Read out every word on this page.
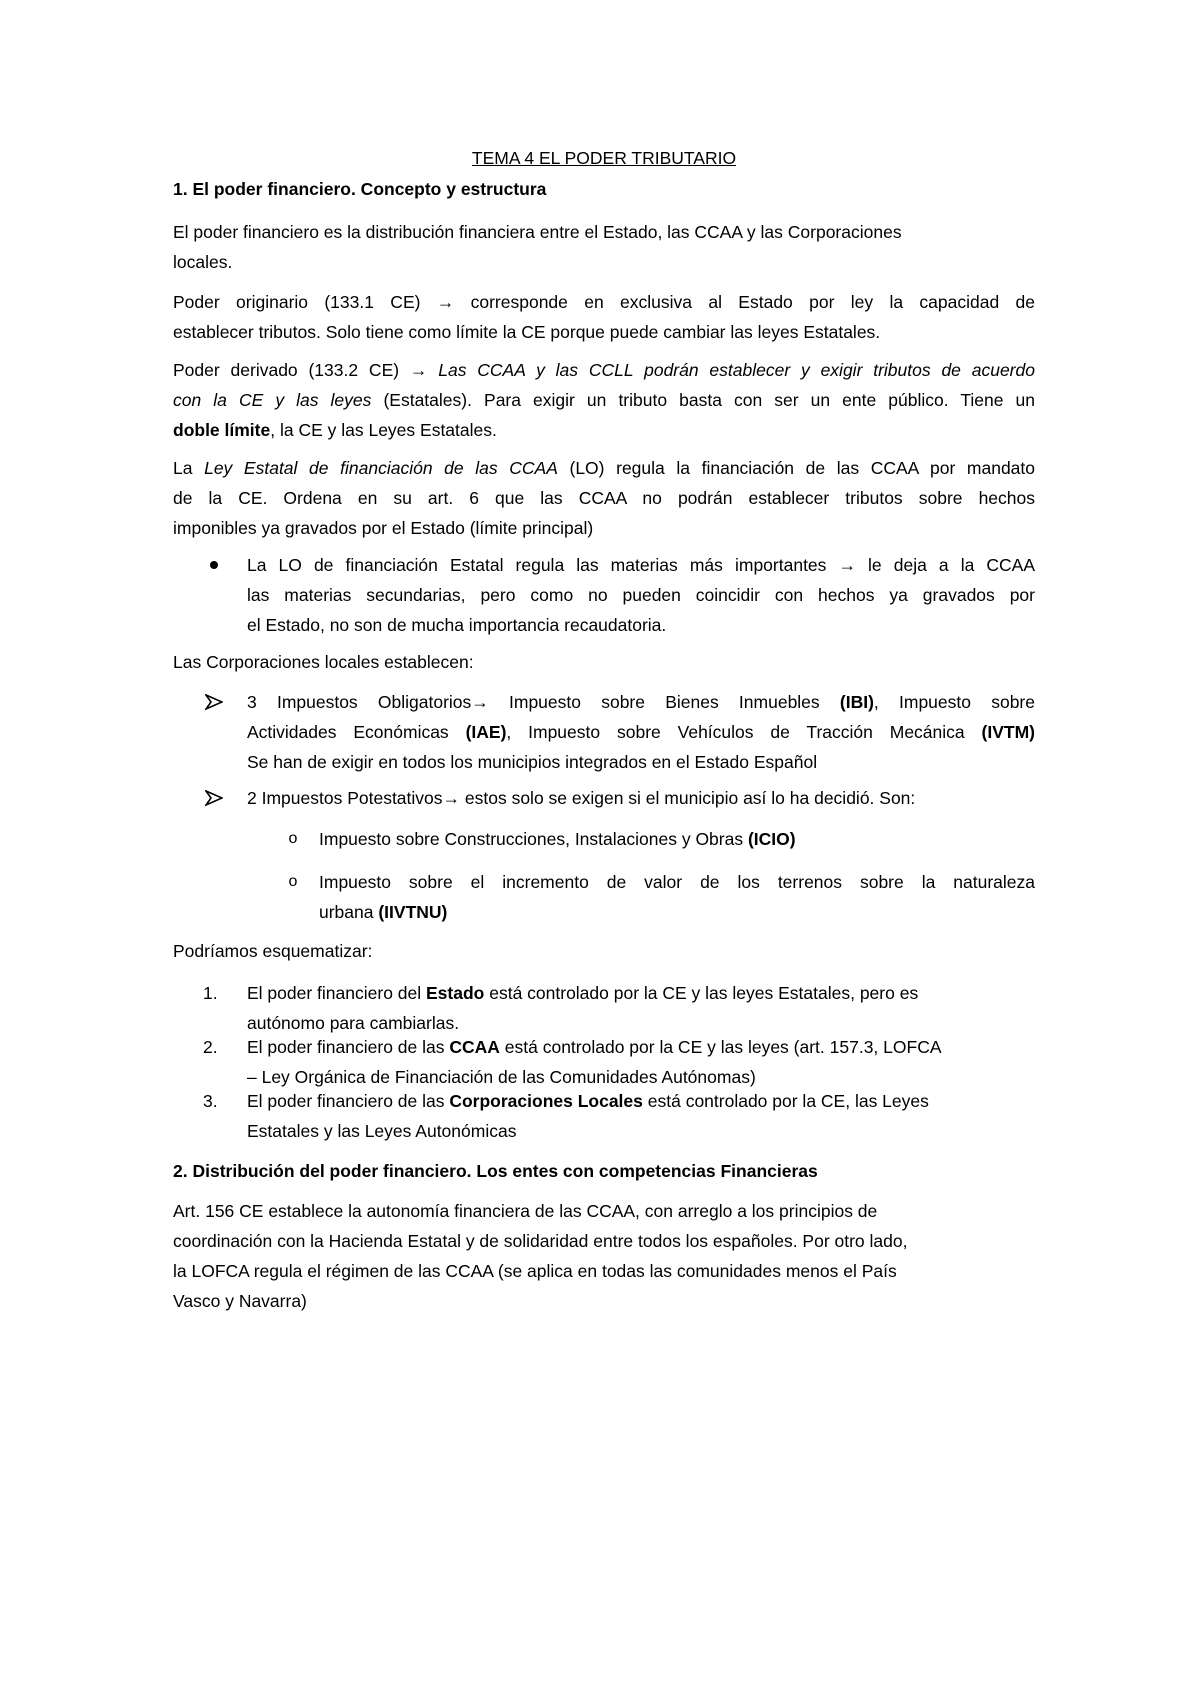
TEMA 4 EL PODER TRIBUTARIO
1. El poder financiero. Concepto y estructura
El poder financiero es la distribución financiera entre el Estado, las CCAA y las Corporaciones
locales.
Poder originario (133.1 CE) → corresponde en exclusiva al Estado por ley la capacidad de
establecer tributos. Solo tiene como límite la CE porque puede cambiar las leyes Estatales.
Poder derivado (133.2 CE) → Las CCAA y las CCLL podrán establecer y exigir tributos de acuerdo
con la CE y las leyes (Estatales). Para exigir un tributo basta con ser un ente público. Tiene un
doble límite, la CE y las Leyes Estatales.
La Ley Estatal de financiación de las CCAA (LO) regula la financiación de las CCAA por mandato
de la CE. Ordena en su art. 6 que las CCAA no podrán establecer tributos sobre hechos
imponibles ya gravados por el Estado (límite principal)
La LO de financiación Estatal regula las materias más importantes → le deja a la CCAA
las materias secundarias, pero como no pueden coincidir con hechos ya gravados por
el Estado, no son de mucha importancia recaudatoria.
Las Corporaciones locales establecen:
3 Impuestos Obligatorios→ Impuesto sobre Bienes Inmuebles (IBI), Impuesto sobre
Actividades Económicas (IAE), Impuesto sobre Vehículos de Tracción Mecánica (IVTM)
Se han de exigir en todos los municipios integrados en el Estado Español
2 Impuestos Potestativos→ estos solo se exigen si el municipio así lo ha decidió. Son:
o	Impuesto sobre Construcciones, Instalaciones y Obras (ICIO)
o	Impuesto sobre el incremento de valor de los terrenos sobre la naturaleza
urbana (IIVTNU)
Podríamos esquematizar:
1.	El poder financiero del Estado está controlado por la CE y las leyes Estatales, pero es
autónomo para cambiarlas.
2.	El poder financiero de las CCAA está controlado por la CE y las leyes (art. 157.3, LOFCA
– Ley Orgánica de Financiación de las Comunidades Autónomas)
3.	El poder financiero de las Corporaciones Locales está controlado por la CE, las Leyes
Estatales y las Leyes Autonómicas
2. Distribución del poder financiero. Los entes con competencias Financieras
Art. 156 CE establece la autonomía financiera de las CCAA, con arreglo a los principios de
coordinación con la Hacienda Estatal y de solidaridad entre todos los españoles. Por otro lado,
la LOFCA regula el régimen de las CCAA (se aplica en todas las comunidades menos el País
Vasco y Navarra)
